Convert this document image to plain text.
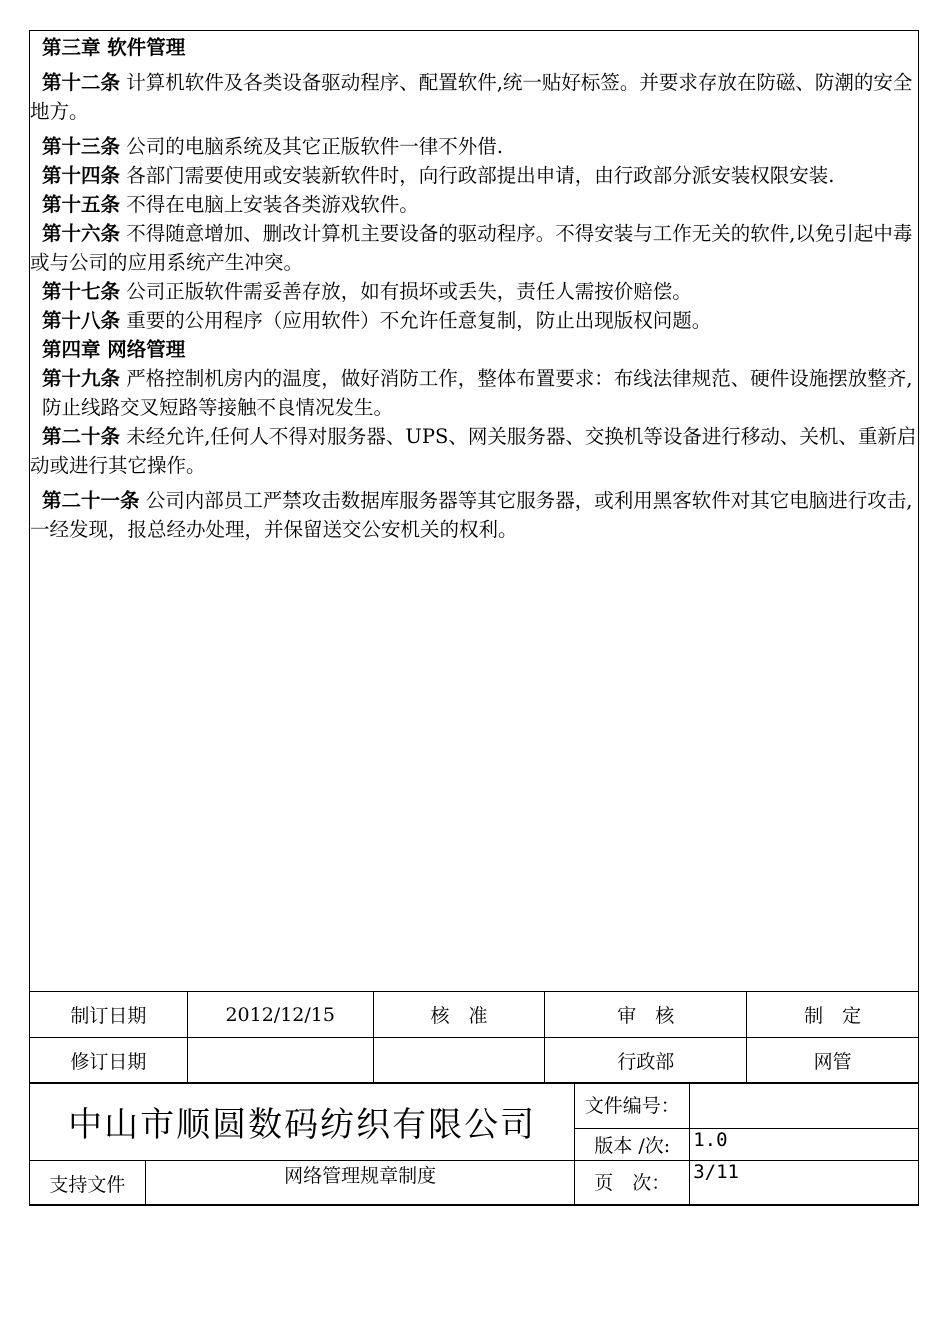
第三章 软件管理

第十二条 计算机软件及各类设备驱动程序、配置软件,统一贴好标签。并要求存放在防磁、防潮的安全地方。

第十三条 公司的电脑系统及其它正版软件一律不外借.

第十四条 各部门需要使用或安装新软件时，向行政部提出申请，由行政部分派安装权限安装.

第十五条 不得在电脑上安装各类游戏软件。

第十六条 不得随意增加、删改计算机主要设备的驱动程序。不得安装与工作无关的软件,以免引起中毒或与公司的应用系统产生冲突。

第十七条 公司正版软件需妥善存放，如有损坏或丢失，责任人需按价赔偿。

第十八条 重要的公用程序（应用软件）不允许任意复制，防止出现版权问题。

第四章 网络管理

第十九条 严格控制机房内的温度，做好消防工作，整体布置要求：布线法律规范、硬件设施摆放整齐,防止线路交叉短路等接触不良情况发生。

第二十条 未经允许,任何人不得对服务器、UPS、网关服务器、交换机等设备进行移动、关机、重新启动或进行其它操作。

第二十一条 公司内部员工严禁攻击数据库服务器等其它服务器，或利用黑客软件对其它电脑进行攻击,一经发现，报总经办处理，并保留送交公安机关的权利。

制订日期	2012/12/15	核　准	审　核	制　定
修订日期			行政部	网管
中山市顺圆数码纺织有限公司		文件编号：	
		版本 /次:	1.0
支持文件	网络管理规章制度	页　次：	3/11
